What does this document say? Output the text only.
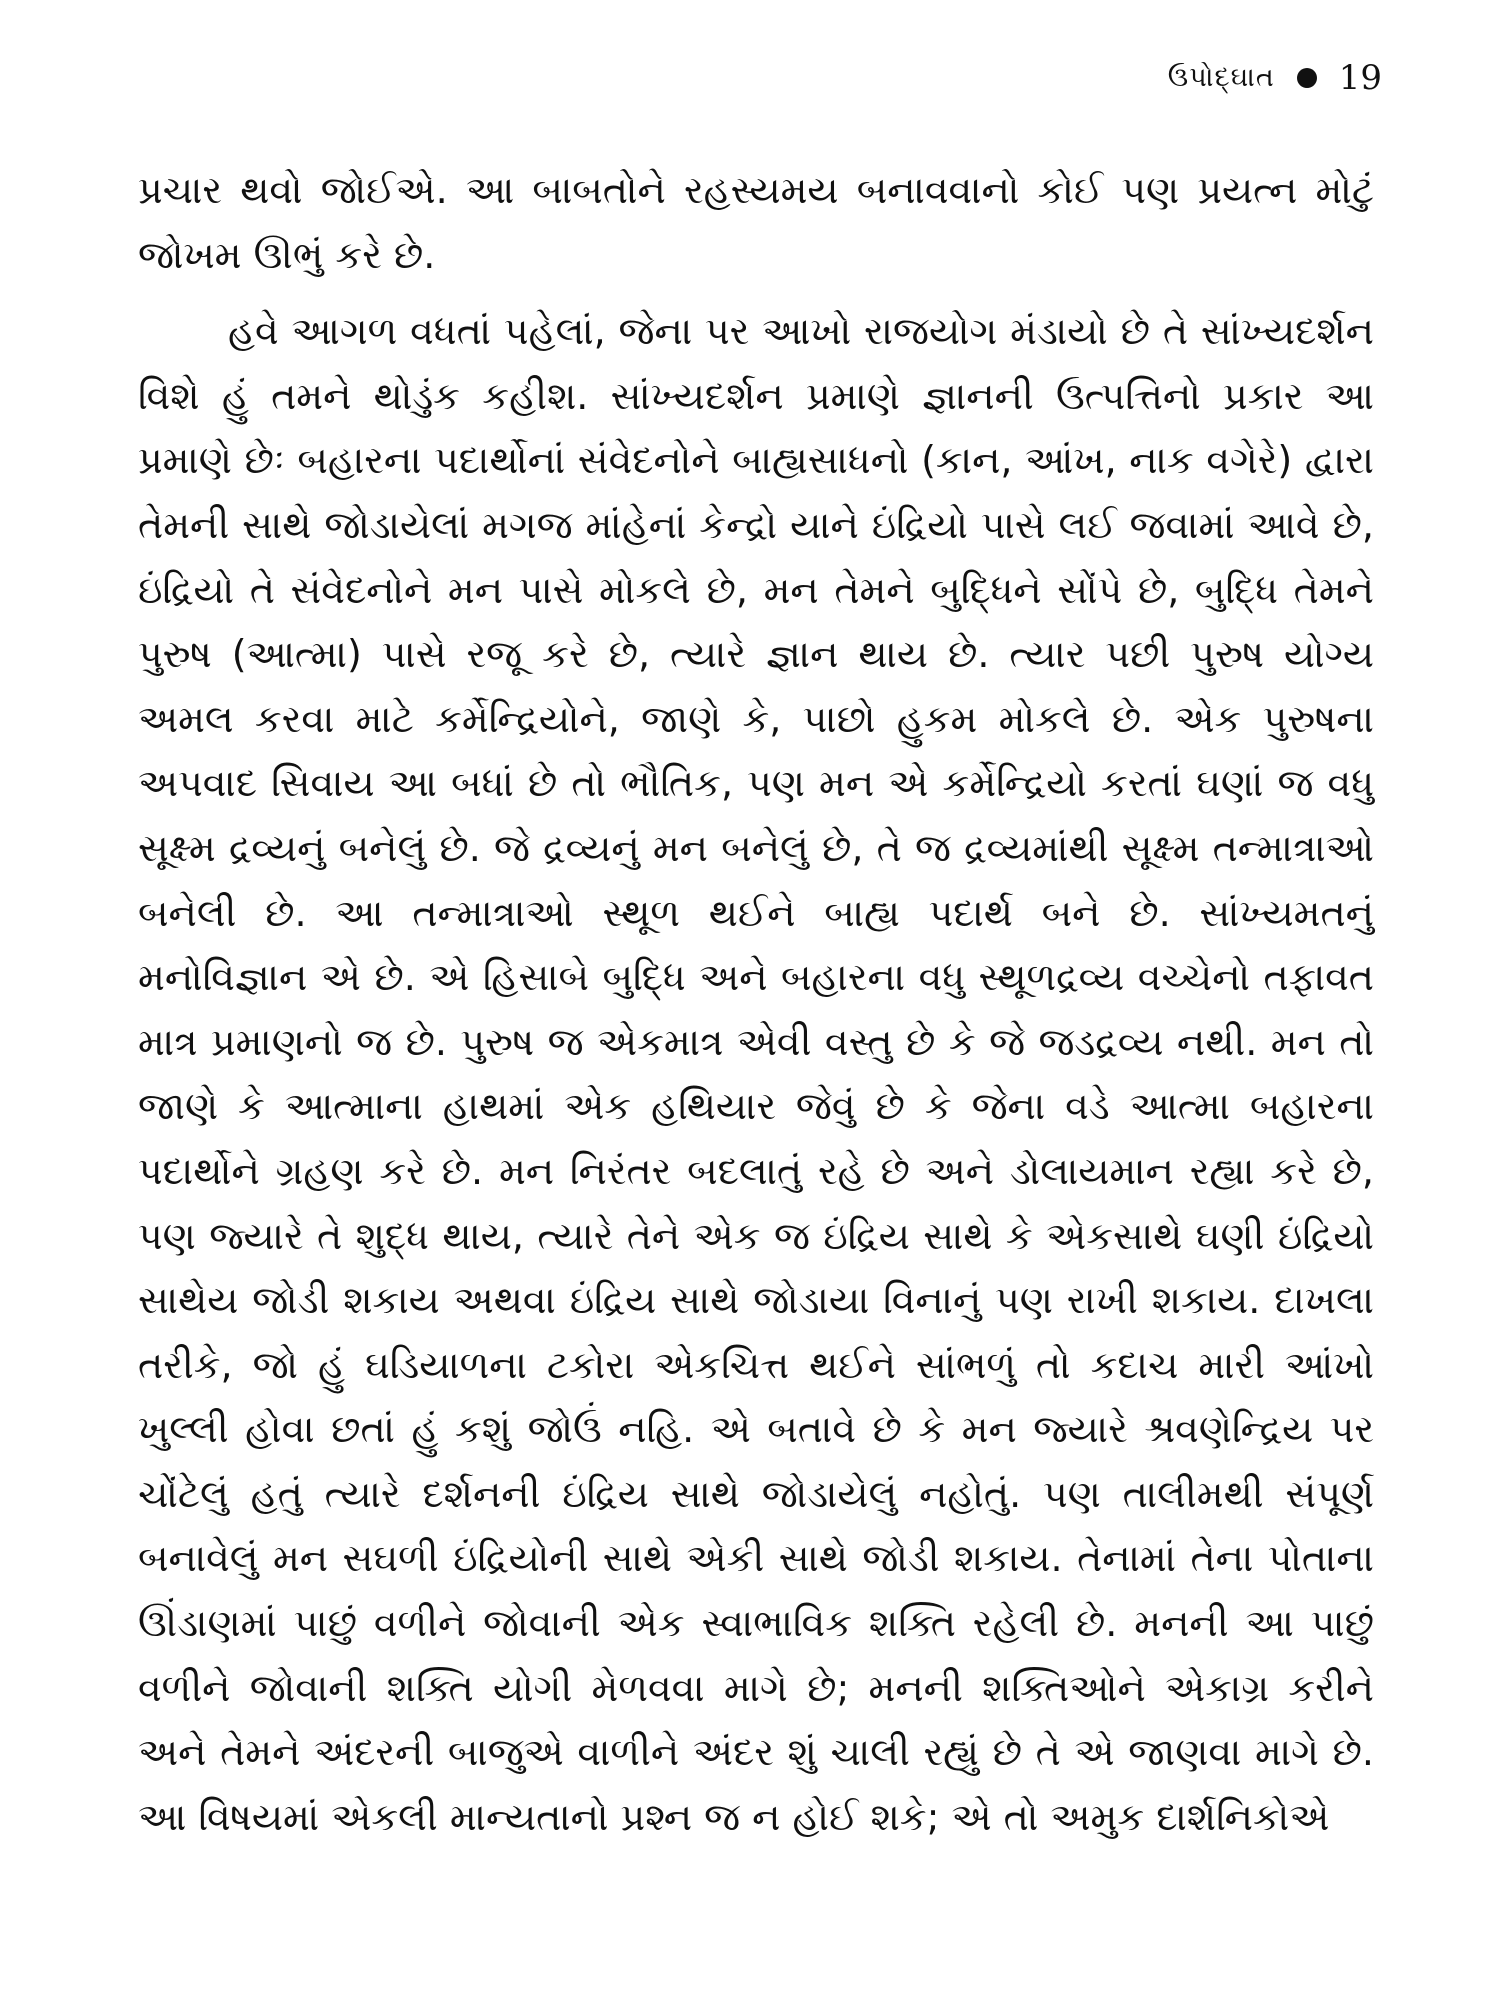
ઉપોદ્ઘાત 19

પ્રચાર થવો જોઈએ. આ બાબતોને રહસ્યમય બનાવવાનો કોઈ પણ પ્રયત્ન મોટું જોખમ ઊભું કરે છે.

હવે આગળ વધતાં પહેલાં, જેના પર આખો રાજયોગ મંડાયો છે તે સાંખ્યદર્શન વિશે હું તમને થોડુંક કહીશ. સાંખ્યદર્શન પ્રમાણે જ્ઞાનની ઉત્પત્તિનો પ્રકાર આ પ્રમાણે છેઃ બહારના પદાર્થોનાં સંવેદનોને બાહ્યસાધનો (કાન, આંખ, નાક વગેરે) દ્વારા તેમની સાથે જોડાયેલાં મગજ માંહેનાં કેન્દ્રો યાને ઇંદ્રિયો પાસે લઈ જવામાં આવે છે, ઇંદ્રિયો તે સંવેદનોને મન પાસે મોકલે છે, મન તેમને બુદ્ધિને સોંપે છે, બુદ્ધિ તેમને પુરુષ (આત્મા) પાસે રજૂ કરે છે, ત્યારે જ્ઞાન થાય છે. ત્યાર પછી પુરુષ યોગ્ય અમલ કરવા માટે કર્મેન્દ્રિયોને, જાણે કે, પાછો હુકમ મોકલે છે. એક પુરુષના અપવાદ સિવાય આ બધાં છે તો ભૌતિક, પણ મન એ કર્મેન્દ્રિયો કરતાં ઘણાં જ વધુ સૂક્ષ્મ દ્રવ્યનું બનેલું છે. જે દ્રવ્યનું મન બનેલું છે, તે જ દ્રવ્યમાંથી સૂક્ષ્મ તન્માત્રાઓ બનેલી છે. આ તન્માત્રાઓ સ્થૂળ થઈને બાહ્ય પદાર્થ બને છે. સાંખ્યમતનું મનોવિજ્ઞાન એ છે. એ હિસાબે બુદ્ધિ અને બહારના વધુ સ્થૂળદ્રવ્ય વચ્ચેનો તફાવત માત્ર પ્રમાણનો જ છે. પુરુષ જ એકમાત્ર એવી વસ્તુ છે કે જે જડદ્રવ્ય નથી. મન તો જાણે કે આત્માના હાથમાં એક હથિયાર જેવું છે કે જેના વડે આત્મા બહારના પદાર્થોને ગ્રહણ કરે છે. મન નિરંતર બદલાતું રહે છે અને ડોલાયમાન રહ્યા કરે છે, પણ જ્યારે તે શુદ્ધ થાય, ત્યારે તેને એક જ ઇંદ્રિય સાથે કે એકસાથે ઘણી ઇંદ્રિયો સાથેય જોડી શકાય અથવા ઇંદ્રિય સાથે જોડાયા વિનાનું પણ રાખી શકાય. દાખલા તરીકે, જો હું ઘડિયાળના ટકોરા એકચિત્ત થઈને સાંભળું તો કદાચ મારી આંખો ખુલ્લી હોવા છતાં હું કશું જોઉં નહિ. એ બતાવે છે કે મન જ્યારે શ્રવણેન્દ્રિય પર ચોંટેલું હતું ત્યારે દર્શનની ઇંદ્રિય સાથે જોડાયેલું નહોતું. પણ તાલીમથી સંપૂર્ણ બનાવેલું મન સઘળી ઇંદ્રિયોની સાથે એકી સાથે જોડી શકાય. તેનામાં તેના પોતાના ઊંડાણમાં પાછું વળીને જોવાની એક સ્વાભાવિક શક્તિ રહેલી છે. મનની આ પાછું વળીને જોવાની શક્તિ યોગી મેળવવા માગે છે; મનની શક્તિઓને એકાગ્ર કરીને અને તેમને અંદરની બાજુએ વાળીને અંદર શું ચાલી રહ્યું છે તે એ જાણવા માગે છે. આ વિષયમાં એકલી માન્યતાનો પ્રશ્ન જ ન હોઈ શકે; એ તો અમુક દાર્શનિકોએ
